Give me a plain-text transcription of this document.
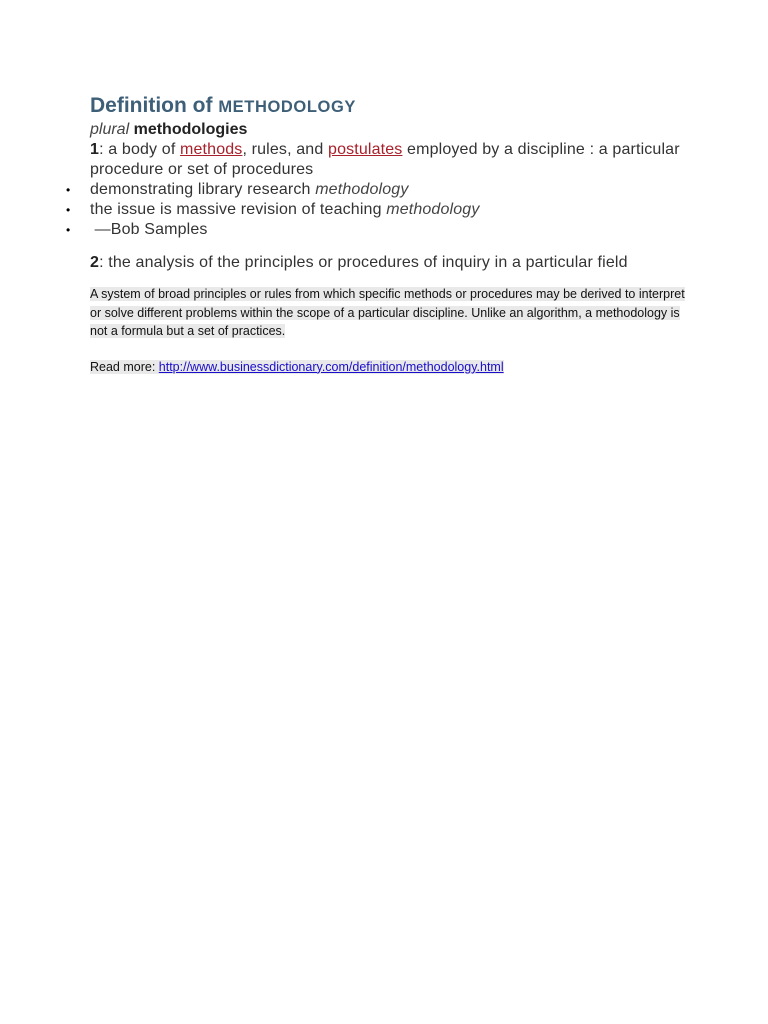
Definition of METHODOLOGY
plural methodologies
1: a body of methods, rules, and postulates employed by a discipline : a particular procedure or set of procedures
• demonstrating library research methodology
• the issue is massive revision of teaching methodology
• —Bob Samples
2: the analysis of the principles or procedures of inquiry in a particular field
A system of broad principles or rules from which specific methods or procedures may be derived to interpret or solve different problems within the scope of a particular discipline. Unlike an algorithm, a methodology is not a formula but a set of practices.
Read more: http://www.businessdictionary.com/definition/methodology.html
